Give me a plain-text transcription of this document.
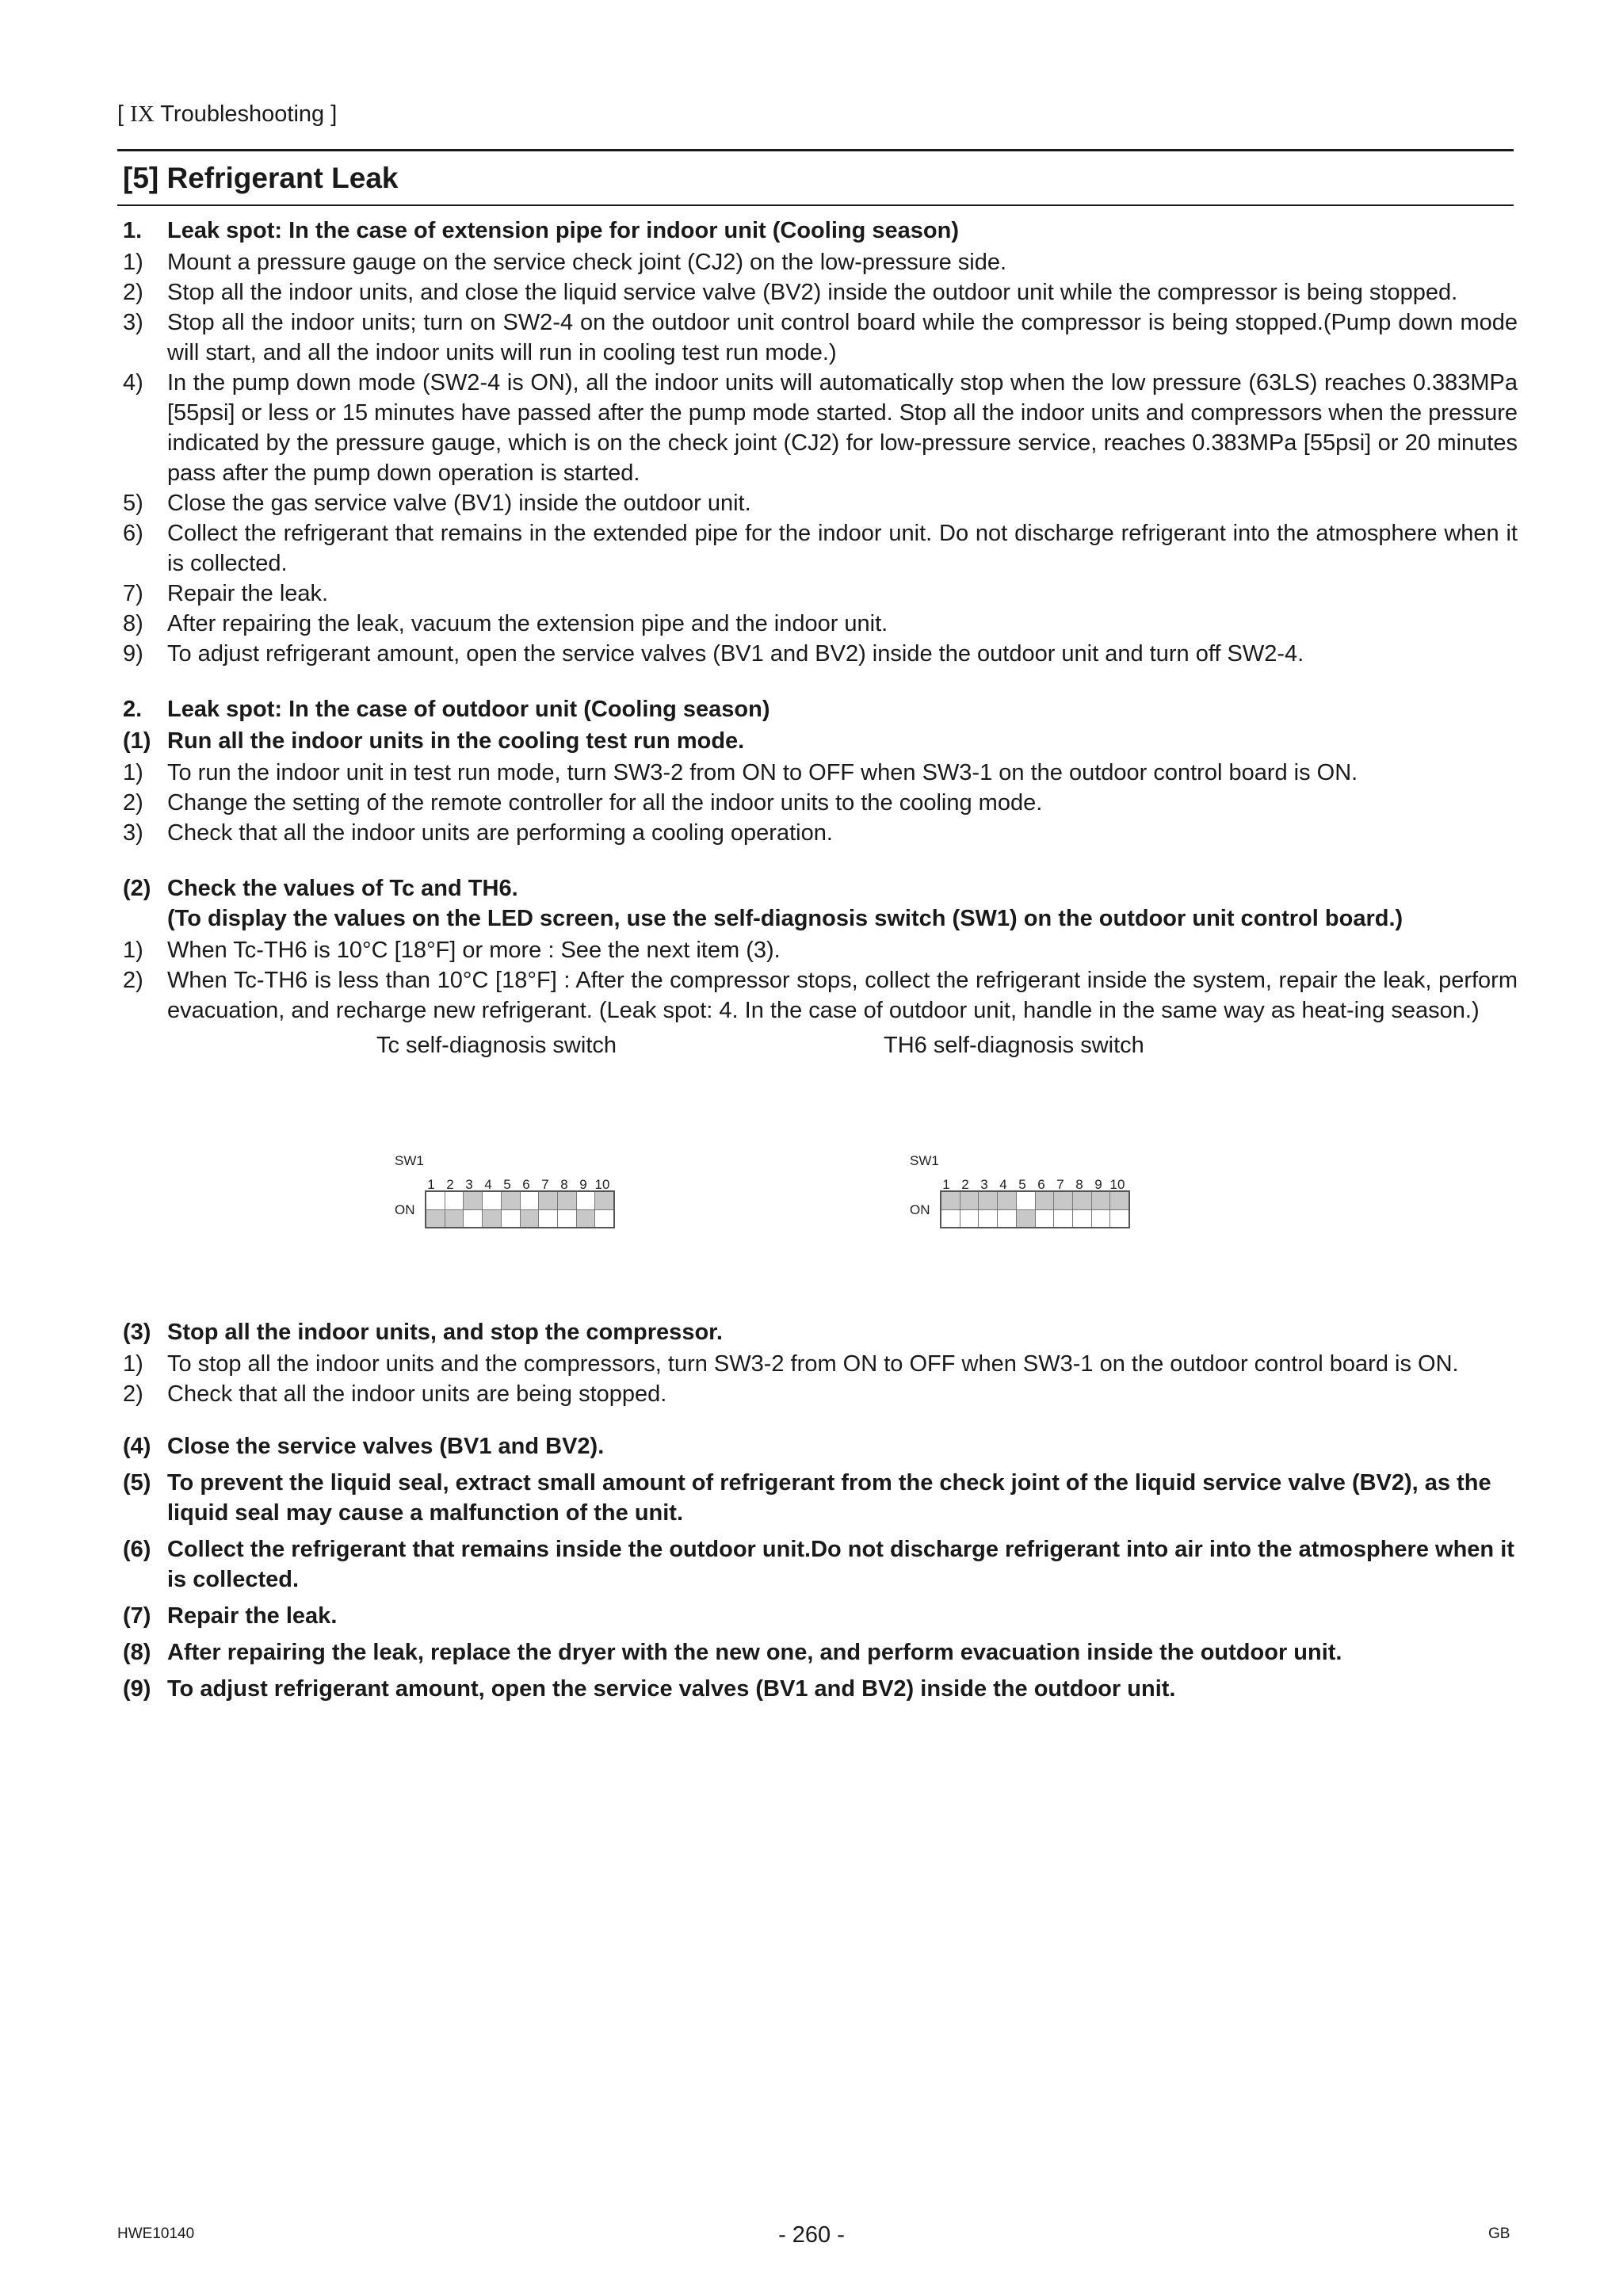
[ IX Troubleshooting ]
[5] Refrigerant Leak
1. Leak spot: In the case of extension pipe for indoor unit (Cooling season)
1) Mount a pressure gauge on the service check joint (CJ2) on the low-pressure side.
2) Stop all the indoor units, and close the liquid service valve (BV2) inside the outdoor unit while the compressor is being stopped.
3) Stop all the indoor units; turn on SW2-4 on the outdoor unit control board while the compressor is being stopped.(Pump down mode will start, and all the indoor units will run in cooling test run mode.)
4) In the pump down mode (SW2-4 is ON), all the indoor units will automatically stop when the low pressure (63LS) reaches 0.383MPa [55psi] or less or 15 minutes have passed after the pump mode started. Stop all the indoor units and compressors when the pressure indicated by the pressure gauge, which is on the check joint (CJ2) for low-pressure service, reaches 0.383MPa [55psi] or 20 minutes pass after the pump down operation is started.
5) Close the gas service valve (BV1) inside the outdoor unit.
6) Collect the refrigerant that remains in the extended pipe for the indoor unit. Do not discharge refrigerant into the atmosphere when it is collected.
7) Repair the leak.
8) After repairing the leak, vacuum the extension pipe and the indoor unit.
9) To adjust refrigerant amount, open the service valves (BV1 and BV2) inside the outdoor unit and turn off SW2-4.
2. Leak spot: In the case of outdoor unit (Cooling season)
(1) Run all the indoor units in the cooling test run mode.
1) To run the indoor unit in test run mode, turn SW3-2 from ON to OFF when SW3-1 on the outdoor control board is ON.
2) Change the setting of the remote controller for all the indoor units to the cooling mode.
3) Check that all the indoor units are performing a cooling operation.
(2) Check the values of Tc and TH6.
(To display the values on the LED screen, use the self-diagnosis switch (SW1) on the outdoor unit control board.)
1) When Tc-TH6 is 10°C [18°F] or more : See the next item (3).
2) When Tc-TH6 is less than 10°C [18°F] : After the compressor stops, collect the refrigerant inside the system, repair the leak, perform evacuation, and recharge new refrigerant. (Leak spot: 4. In the case of outdoor unit, handle in the same way as heat-ing season.)
Tc self-diagnosis switch	TH6 self-diagnosis switch
SW1
ON
1 2 3 4 5 6 7 8 9 10
SW1
ON
1 2 3 4 5 6 7 8 9 10
(3) Stop all the indoor units, and stop the compressor.
1) To stop all the indoor units and the compressors, turn SW3-2 from ON to OFF when SW3-1 on the outdoor control board is ON.
2) Check that all the indoor units are being stopped.
(4) Close the service valves (BV1 and BV2).
(5) To prevent the liquid seal, extract small amount of refrigerant from the check joint of the liquid service valve (BV2), as the liquid seal may cause a malfunction of the unit.
(6) Collect the refrigerant that remains inside the outdoor unit.Do not discharge refrigerant into air into the atmosphere when it is collected.
(7) Repair the leak.
(8) After repairing the leak, replace the dryer with the new one, and perform evacuation inside the outdoor unit.
(9) To adjust refrigerant amount, open the service valves (BV1 and BV2) inside the outdoor unit.
HWE10140	- 260 -	GB
